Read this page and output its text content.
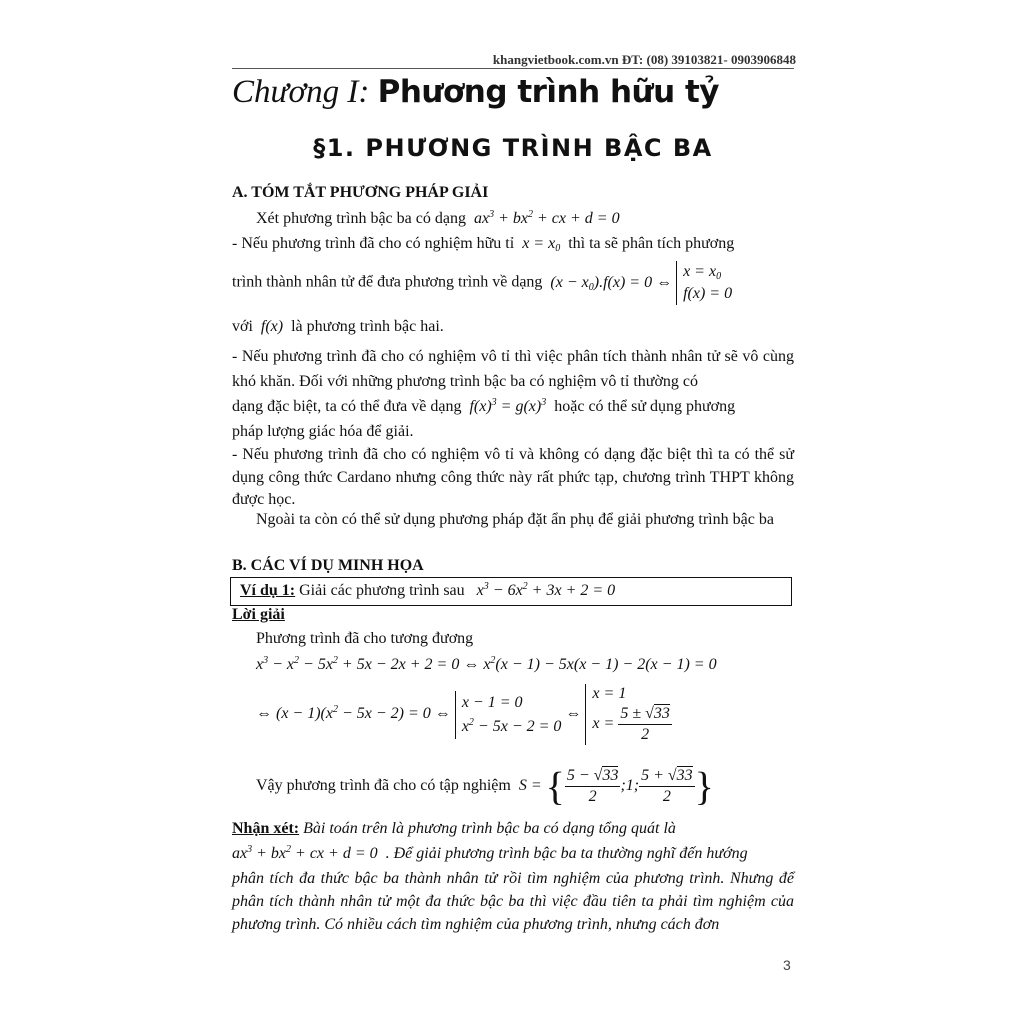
khangvietbook.com.vn ĐT: (08) 39103821- 0903906848
Chương I: Phương trình hữu tỷ
§1. PHƯƠNG TRÌNH BẬC BA
A. TÓM TẮT PHƯƠNG PHÁP GIẢI
Xét phương trình bậc ba có dạng $ax^3 + bx^2$ + cx + d = 0
- Nếu phương trình đã cho có nghiệm hữu tỉ $x = x_0$ thì ta sẽ phân tích phương
trình thành nhân tử để đưa phương trình về dạng $(x - x_0).f(x) = 0$ ⇔ $x = x_0$
f(x) = 0
với f(x) là phương trình bậc hai.
- Nếu phương trình đã cho có nghiệm vô tỉ thì việc phân tích thành nhân tử sẽ vô cùng khó khăn. Đối với những phương trình bậc ba có nghiệm vô tỉ thường có
dạng đặc biệt, ta có thể đưa về dạng $f(x)^3 = g(x)^3$ hoặc có thể sử dụng phương
pháp lượng giác hóa để giải.
- Nếu phương trình đã cho có nghiệm vô tỉ và không có dạng đặc biệt thì ta có thể sử dụng công thức Cardano nhưng công thức này rất phức tạp, chương trình THPT không được học.
Ngoài ta còn có thể sử dụng phương pháp đặt ẩn phụ để giải phương trình bậc ba
B. CÁC VÍ DỤ MINH HỌA
Ví dụ 1: Giải các phương trình sau $x^3 - 6x^2 + 3x + 2 = 0$
Lời giải
Phương trình đã cho tương đương
$x^3 - x^2 - 5x^2 + 5x - 2x + 2 = 0$ ⇔ $x^2(x - 1) - 5x(x - 1) - 2(x - 1) = 0$
⇔ $(x - 1)(x^2 - 5x - 2) = 0$ ⇔ x − 1 = 0
$x^2 - 5x - 2 = 0$ ⇔ x = 1
$x = \frac{5 \pm √33}{2}$
Vậy phương trình đã cho có tập nghiệm S = { $\frac{5 - √33}{2}$ ;1; $\frac{5 + √33}{2}$ }
Nhận xét: Bài toán trên là phương trình bậc ba có dạng tổng quát là
$ax^3 + bx^2$ + cx + d = 0 . Để giải phương trình bậc ba ta thường nghĩ đến hướng
phân tích đa thức bậc ba thành nhân tử rồi tìm nghiệm của phương trình. Nhưng để phân tích thành nhân tử một đa thức bậc ba thì việc đầu tiên ta phải tìm nghiệm của phương trình. Có nhiều cách tìm nghiệm của phương trình, nhưng cách đơn
3
